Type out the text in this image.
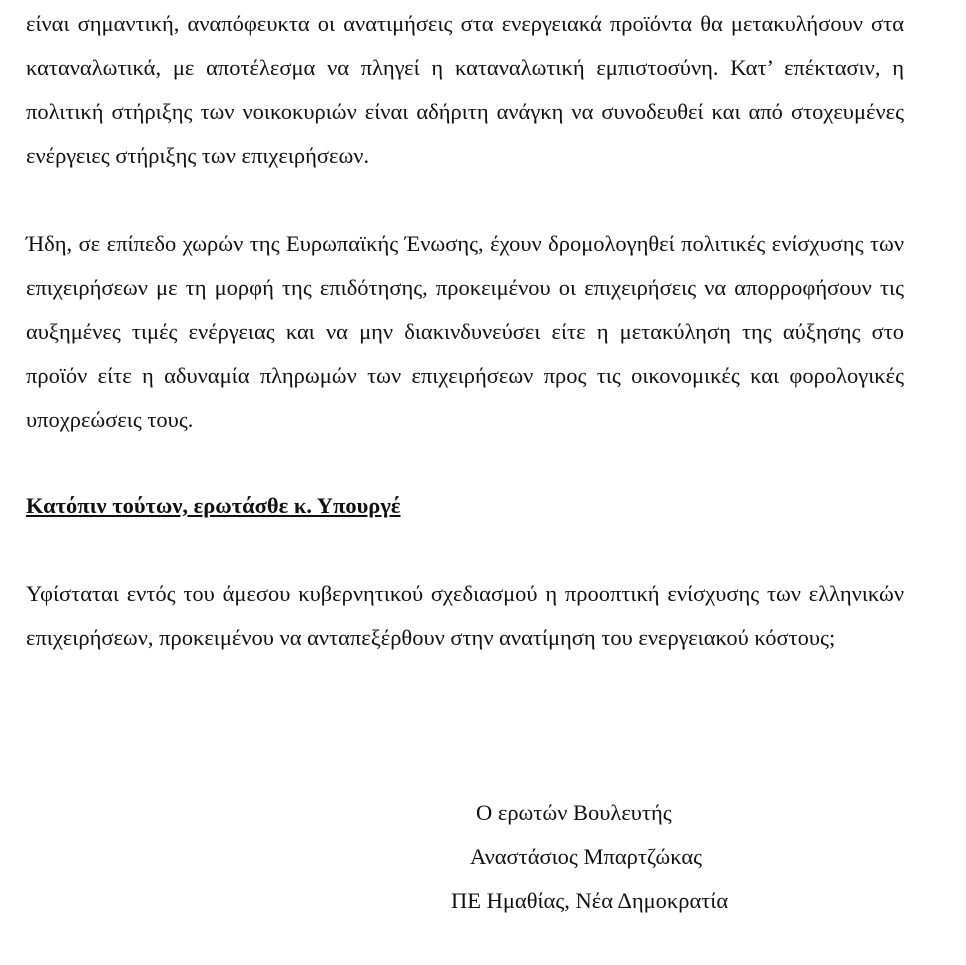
είναι σημαντική, αναπόφευκτα οι ανατιμήσεις στα ενεργειακά προϊόντα θα μετακυλήσουν στα καταναλωτικά, με αποτέλεσμα να πληγεί η καταναλωτική εμπιστοσύνη. Κατ’ επέκτασιν, η πολιτική στήριξης των νοικοκυριών είναι αδήριτη ανάγκη να συνοδευθεί και από στοχευμένες ενέργειες στήριξης των επιχειρήσεων.

Ήδη, σε επίπεδο χωρών της Ευρωπαϊκής Ένωσης, έχουν δρομολογηθεί πολιτικές ενίσχυσης των επιχειρήσεων με τη μορφή της επιδότησης, προκειμένου οι επιχειρήσεις να απορροφήσουν τις αυξημένες τιμές ενέργειας και να μην διακινδυνεύσει είτε η μετακύληση της αύξησης στο προϊόν είτε η αδυναμία πληρωμών των επιχειρήσεων προς τις οικονομικές και φορολογικές υποχρεώσεις τους.

Κατόπιν τούτων, ερωτάσθε κ. Υπουργέ

Υφίσταται εντός του άμεσου κυβερνητικού σχεδιασμού η προοπτική ενίσχυσης των ελληνικών επιχειρήσεων, προκειμένου να ανταπεξέρθουν στην ανατίμηση του ενεργειακού κόστους;

Ο ερωτών Βουλευτής
Αναστάσιος Μπαρτζώκας
ΠΕ Ημαθίας, Νέα Δημοκρατία
